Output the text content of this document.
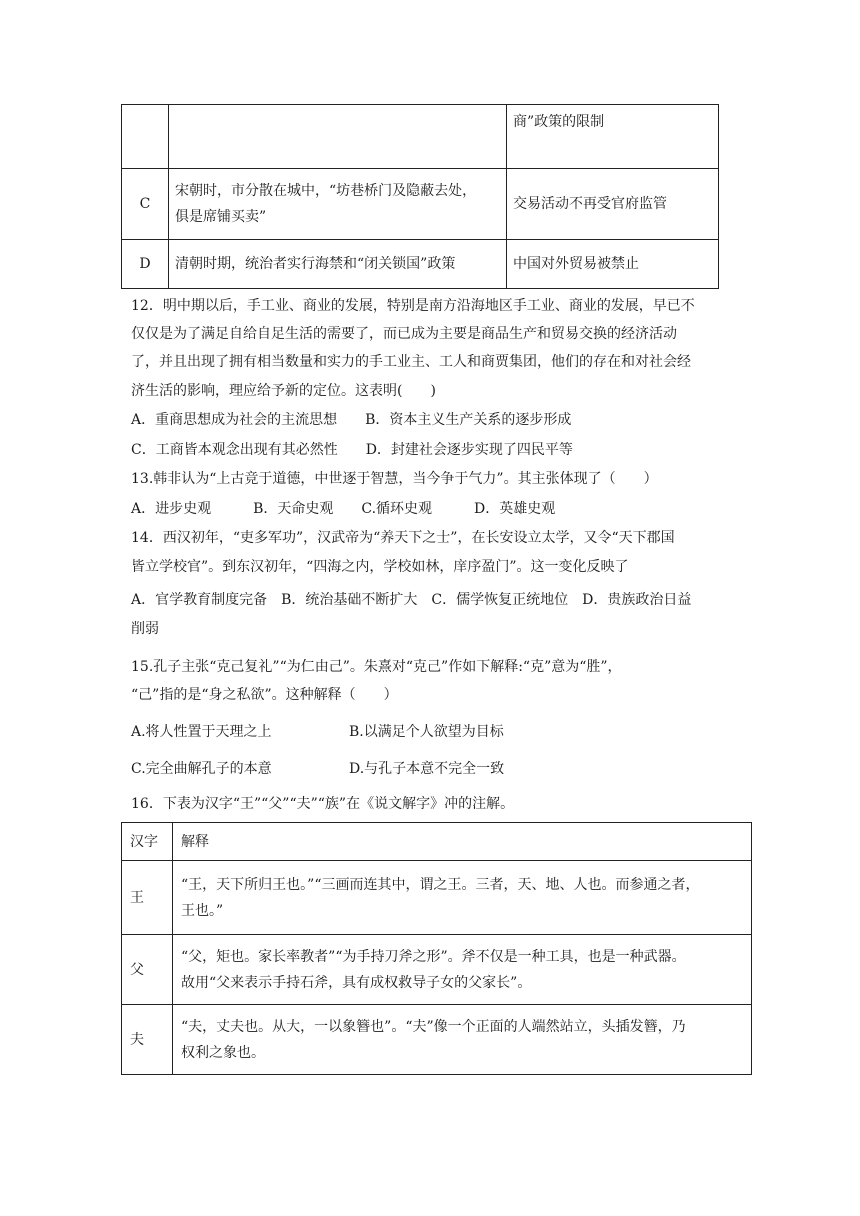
		商”政策的限制
C	宋朝时，市分散在城中，“坊巷桥门及隐蔽去处，
俱是席铺买卖”	交易活动不再受官府监管
D	清朝时期，统治者实行海禁和“闭关锁国”政策	中国对外贸易被禁止
12．明中期以后，手工业、商业的发展，特别是南方沿海地区手工业、商业的发展，早已不
仅仅是为了满足自给自足生活的需要了，而已成为主要是商品生产和贸易交换的经济活动
了，并且出现了拥有相当数量和实力的手工业主、工人和商贾集团，他们的存在和对社会经
济生活的影响，理应给予新的定位。这表明(　　)
A．重商思想成为社会的主流思想　　B．资本主义生产关系的逐步形成
C．工商皆本观念出现有其必然性　　D．封建社会逐步实现了四民平等
13.韩非认为“上古竞于道德，中世逐于智慧，当今争于气力”。其主张体现了（　　）
A．进步史观　　　B．天命史观　　C.循环史观　　　D．英雄史观
14．西汉初年，“吏多军功”，汉武帝为“养天下之士”，在长安设立太学，又令“天下郡国
皆立学校官”。到东汉初年，“四海之内，学校如林，庠序盈门”。这一变化反映了
A．官学教育制度完备　B．统治基础不断扩大　C．儒学恢复正统地位　D．贵族政治日益
削弱
15.孔子主张“克己复礼”“为仁由己”。朱熹对“克己”作如下解释:“克”意为“胜”，
“己”指的是“身之私欲”。这种解释（　　）
A.将人性置于天理之上	B.以满足个人欲望为目标
C.完全曲解孔子的本意	D.与孔子本意不完全一致
16．下表为汉字“王”“父”“夫”“族”在《说文解字》冲的注解。
汉字	解释
王	“王，天下所归王也。”“三画而连其中，谓之王。三者，天、地、人也。而参通之者，
王也。”

父	“父，矩也。家长率教者”“为手持刀斧之形”。斧不仅是一种工具，也是一种武器。
故用“父来表示手持石斧，具有成权救导子女的父家长”。

夫	“夫，丈夫也。从大，一以象簪也”。“夫”像一个正面的人端然站立，头插发簪，乃
权利之象也。
